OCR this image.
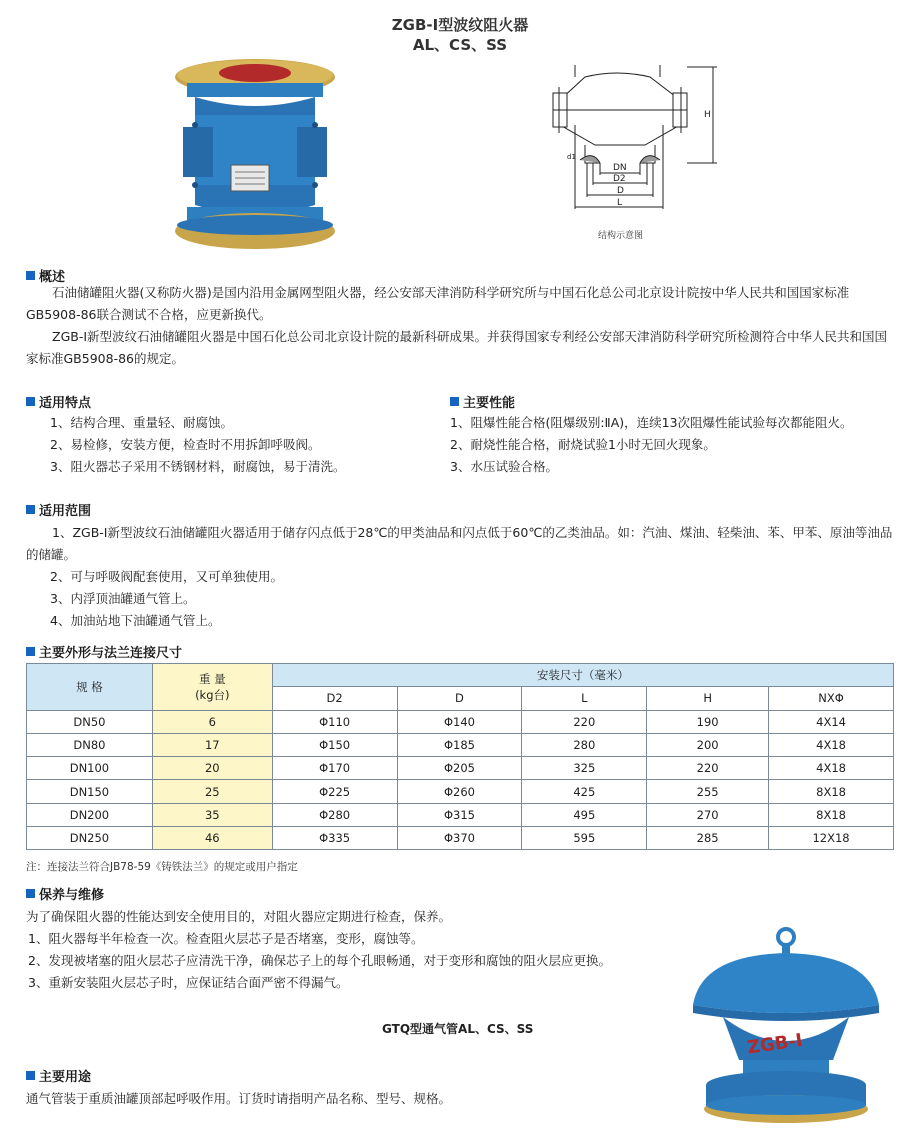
ZGB-I型波纹阻火器
AL、CS、SS
DN
D2
D
L
H
d1
结构示意图
概述
石油储罐阻火器(又称防火器)是国内沿用金属网型阻火器，经公安部天津消防科学研究所与中国石化总公司北京设计院按中华人民共和国国家标准GB5908-86联合测试不合格，应更新换代。
ZGB-I新型波纹石油储罐阻火器是中国石化总公司北京设计院的最新科研成果。并获得国家专利经公安部天津消防科学研究所检测符合中华人民共和国国家标准GB5908-86的规定。
适用特点
1、结构合理、重量轻、耐腐蚀。
2、易检修，安装方便，检查时不用拆卸呼吸阀。
3、阻火器芯子采用不锈钢材料，耐腐蚀，易于清洗。
主要性能
1、阻爆性能合格(阻爆级别:ⅡA)，连续13次阻爆性能试验每次都能阻火。
2、耐烧性能合格，耐烧试验1小时无回火现象。
3、水压试验合格。
适用范围
1、ZGB-I新型波纹石油储罐阻火器适用于储存闪点低于28℃的甲类油品和闪点低于60℃的乙类油品。如：汽油、煤油、轻柴油、苯、甲苯、原油等油品的储罐。
2、可与呼吸阀配套使用，又可单独使用。
3、内浮顶油罐通气管上。
4、加油站地下油罐通气管上。
主要外形与法兰连接尺寸
规 格	重 量
(kg台)	安装尺寸（毫米）				
		D2	D	L	H	NXΦ
DN50	6	Φ110	Φ140	220	190	4X14
DN80	17	Φ150	Φ185	280	200	4X18
DN100	20	Φ170	Φ205	325	220	4X18
DN150	25	Φ225	Φ260	425	255	8X18
DN200	35	Φ280	Φ315	495	270	8X18
DN250	46	Φ335	Φ370	595	285	12X18
注：连接法兰符合JB78-59《铸铁法兰》的规定或用户指定
保养与维修
为了确保阻火器的性能达到安全使用目的，对阻火器应定期进行检查，保养。
1、阻火器每半年检查一次。检查阻火层芯子是否堵塞，变形，腐蚀等。
2、发现被堵塞的阻火层芯子应清洗干净，确保芯子上的每个孔眼畅通，对于变形和腐蚀的阻火层应更换。
3、重新安装阻火层芯子时，应保证结合面严密不得漏气。
ZGB-I
GTQ型通气管AL、CS、SS
主要用途
通气管装于重质油罐顶部起呼吸作用。订货时请指明产品名称、型号、规格。
